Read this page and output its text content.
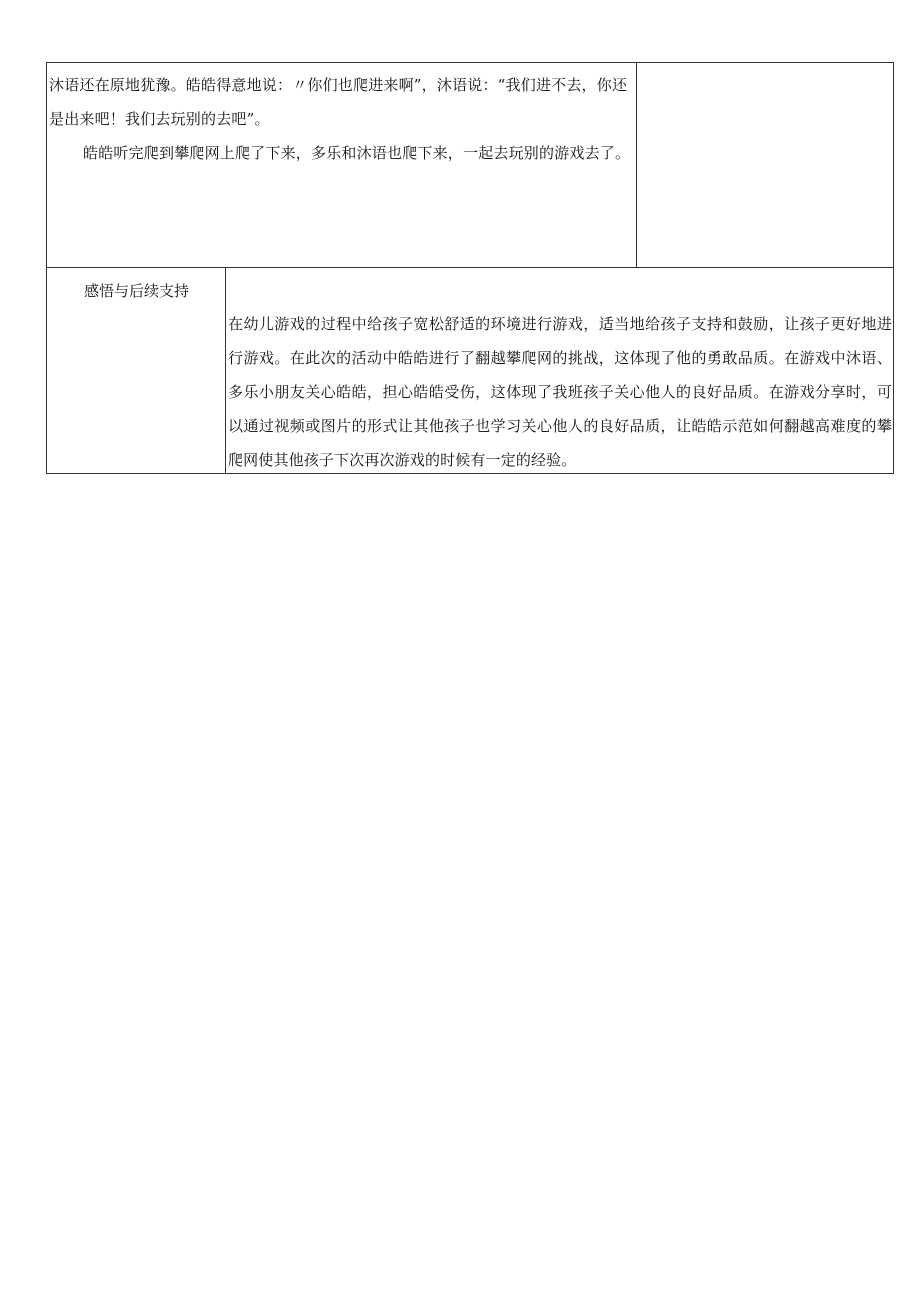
沐语还在原地犹豫。皓皓得意地说：〃你们也爬进来啊”，沐语说：“我们进不去，你还是出来吧！我们去玩别的去吧”。

皓皓听完爬到攀爬网上爬了下来，多乐和沐语也爬下来，一起去玩别的游戏去了。

感悟与后续支持

在幼儿游戏的过程中给孩子宽松舒适的环境进行游戏，适当地给孩子支持和鼓励，让孩子更好地进行游戏。在此次的活动中皓皓进行了翻越攀爬网的挑战，这体现了他的勇敢品质。在游戏中沐语、多乐小朋友关心皓皓，担心皓皓受伤，这体现了我班孩子关心他人的良好品质。在游戏分享时，可以通过视频或图片的形式让其他孩子也学习关心他人的良好品质，让皓皓示范如何翻越高难度的攀爬网使其他孩子下次再次游戏的时候有一定的经验。
